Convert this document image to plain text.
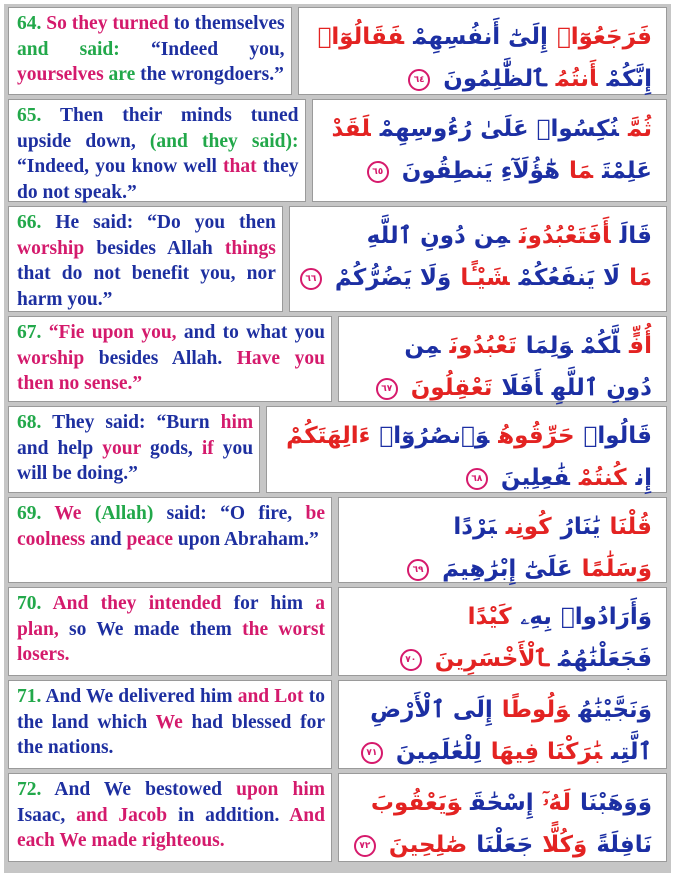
64. So they turned to themselves and said: “Indeed you, yourselves are the wrongdoers.”
فَرَجَعُوٓا۟إِلَىٰٓ أَنفُسِهِمْفَقَالُوٓا۟
إِنَّكُمْأَنتُمُٱلظَّٰلِمُونَ٦٤
65. Then their minds tuned upside down, (and they said): “Indeed, you know well that they do not speak.”
ثُمَّنُكِسُوا۟ عَلَىٰ رُءُوسِهِمْلَقَدْ
عَلِمْتَمَاهَٰٓؤُلَآءِ يَنطِقُونَ٦٥
66. He said: “Do you then worship besides Allah things that do not benefit you, nor harm you.”
قَالَأَفَتَعْبُدُونَمِن دُونِ ٱللَّهِ
مَالَا يَنفَعُكُمْشَيْـًٔاوَلَا يَضُرُّكُمْ٦٦
67. “Fie upon you, and to what you worship besides Allah. Have you then no sense.”
أُفٍّلَّكُمْوَلِمَاتَعْبُدُونَمِن
دُونِ ٱللَّهِأَفَلَاتَعْقِلُونَ٦٧
68. They said: “Burn him and help your gods, if you will be doing.”
قَالُوا۟حَرِّقُوهُوَٱنصُرُوٓا۟ءَالِهَتَكُمْ
إِنكُنتُمْفَٰعِلِينَ٦٨
69. We (Allah) said: “O fire, be coolness and peace upon Abraham.”	قُلْنَايَٰنَارُكُونِىبَرْدًا
وَسَلَٰمًاعَلَىٰٓ إِبْرَٰهِيمَ٦٩
70. And they intended for him a plan, so We made them the worst losers.
وَأَرَادُوا۟بِهِۦكَيْدًا
فَجَعَلْنَٰهُمُٱلْأَخْسَرِينَ٧٠
71. And We delivered him and Lot to the land which We had blessed for the nations.
وَنَجَّيْنَٰهُوَلُوطًاإِلَى ٱلْأَرْضِ
ٱلَّتِىبَٰرَكْنَا فِيهَالِلْعَٰلَمِينَ٧١
72. And We bestowed upon him Isaac, and Jacob in addition. And each We made righteous.
وَوَهَبْنَالَهُۥٓإِسْحَٰقَوَيَعْقُوبَ
نَافِلَةًوَكُلًّاجَعَلْنَاصَٰلِحِينَ٧٢
